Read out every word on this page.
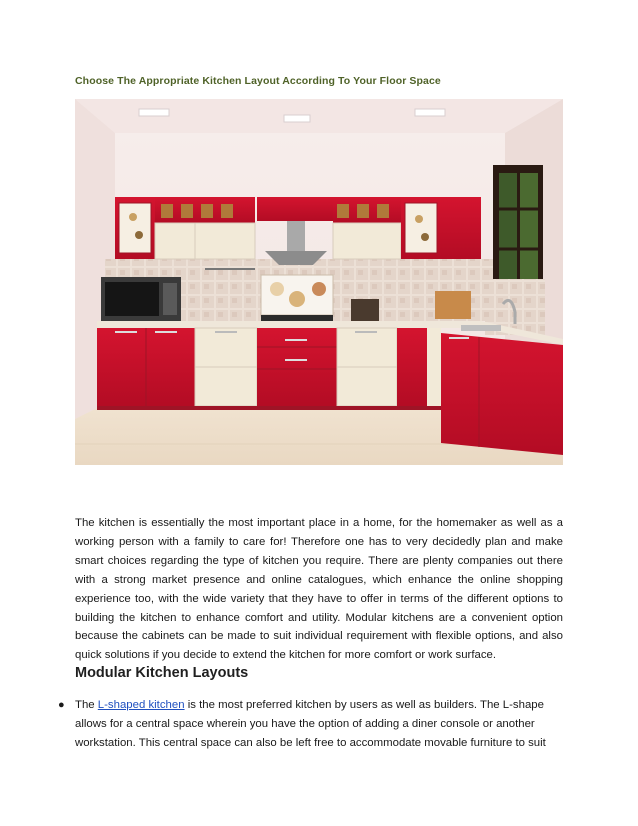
Choose The Appropriate Kitchen Layout According To Your Floor Space

The kitchen is essentially the most important place in a home, for the homemaker as well as a working person with a family to care for! Therefore one has to very decidedly plan and make smart choices regarding the type of kitchen you require. There are plenty companies out there with a strong market presence and online catalogues, which enhance the online shopping experience too, with the wide variety that they have to offer in terms of the different options to building the kitchen to enhance comfort and utility. Modular kitchens are a convenient option because the cabinets can be made to suit individual requirement with flexible options, and also quick solutions if you decide to extend the kitchen for more comfort or work surface.

Modular Kitchen Layouts
● The L-shaped kitchen is the most preferred kitchen by users as well as builders. The L-shape allows for a central space wherein you have the option of adding a diner console or another workstation. This central space can also be left free to accommodate movable furniture to suit
